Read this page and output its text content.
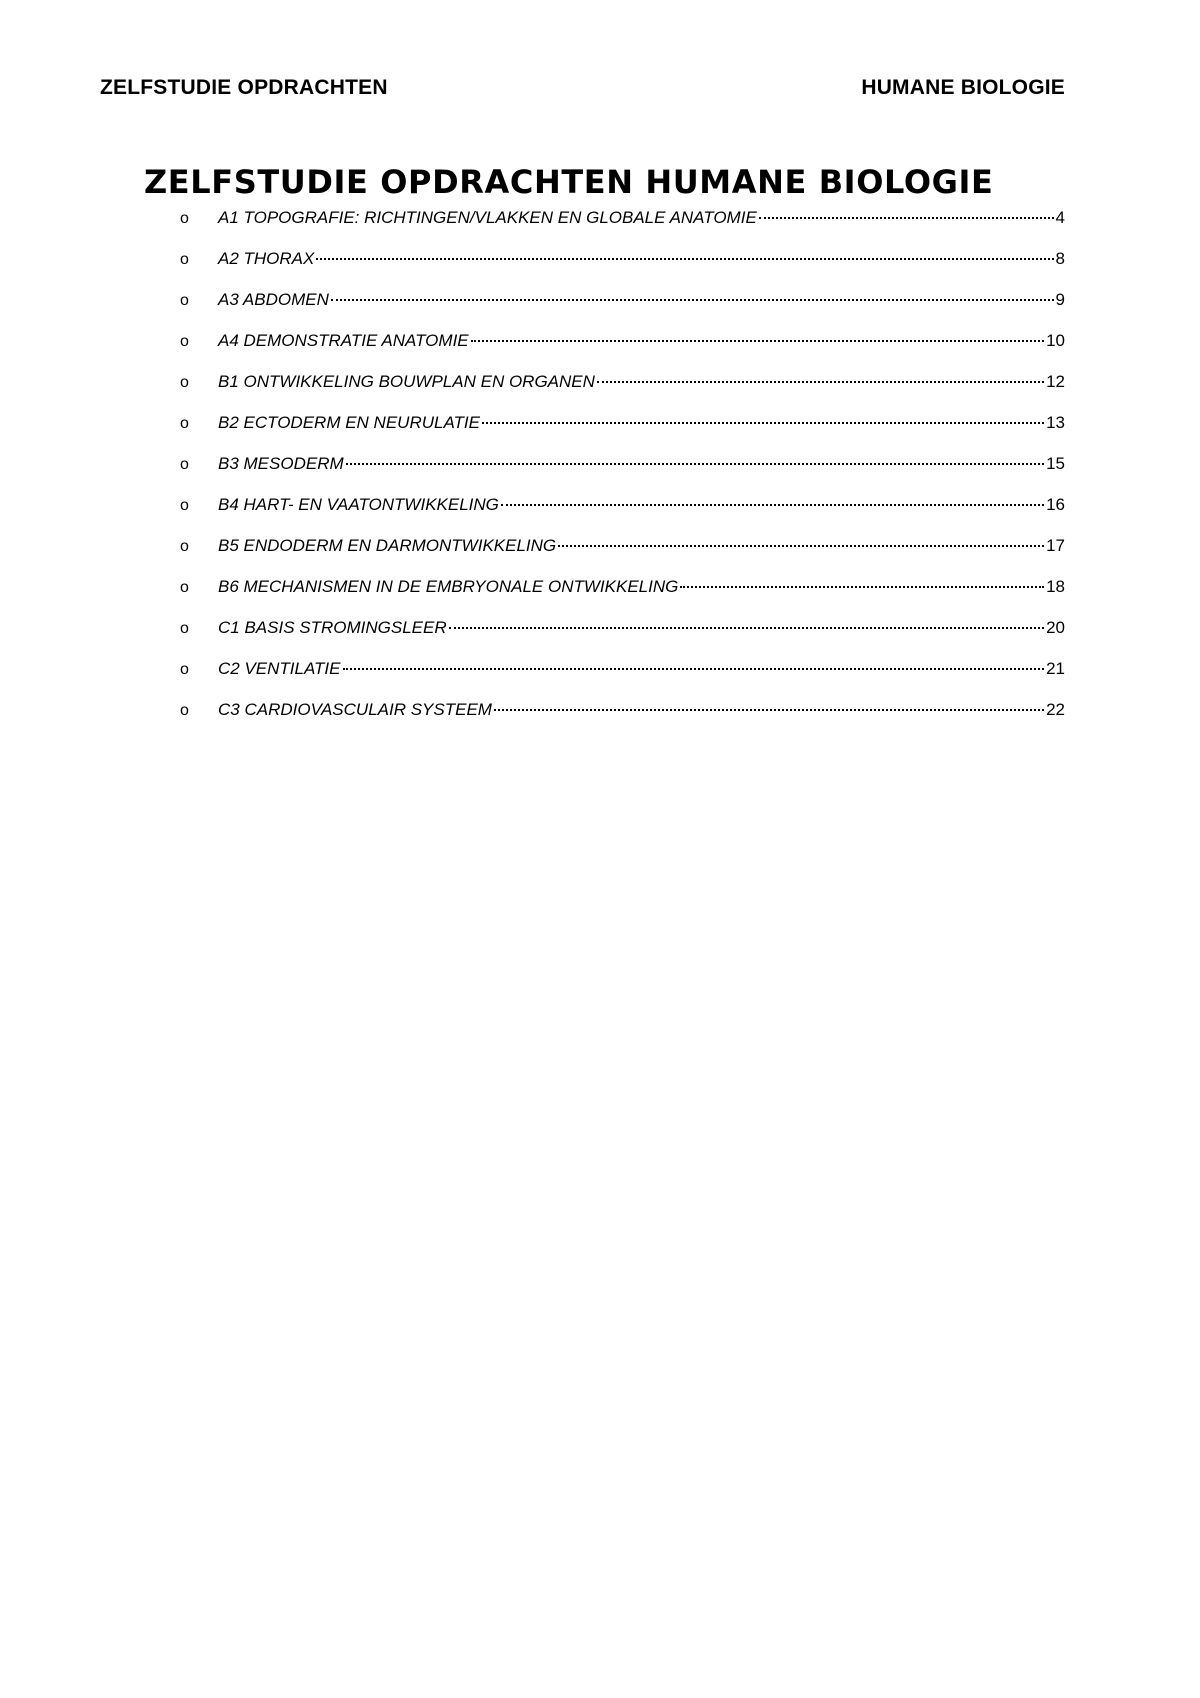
ZELFSTUDIE OPDRACHTEN	HUMANE BIOLOGIE
ZELFSTUDIE OPDRACHTEN HUMANE BIOLOGIE
o	A1 TOPOGRAFIE: RICHTINGEN/VLAKKEN EN GLOBALE ANATOMIE	4
o	A2 THORAX	8
o	A3 ABDOMEN	9
o	A4 DEMONSTRATIE ANATOMIE	10
o	B1 ONTWIKKELING BOUWPLAN EN ORGANEN	12
o	B2 ECTODERM EN NEURULATIE	13
o	B3 MESODERM	15
o	B4 HART- EN VAATONTWIKKELING	16
o	B5 ENDODERM EN DARMONTWIKKELING	17
o	B6 MECHANISMEN IN DE EMBRYONALE ONTWIKKELING	18
o	C1 BASIS STROMINGSLEER	20
o	C2 VENTILATIE	21
o	C3 CARDIOVASCULAIR SYSTEEM	22
